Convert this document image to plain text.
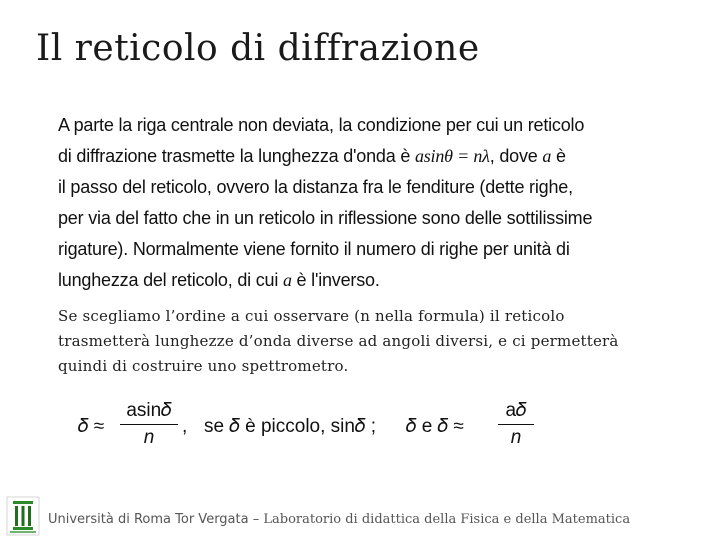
Il reticolo di diffrazione
A parte la riga centrale non deviata, la condizione per cui un reticolo
di diffrazione trasmette la lunghezza d'onda è asinθ = nλ, dove a è
il passo del reticolo, ovvero la distanza fra le fenditure (dette righe,
per via del fatto che in un reticolo in riflessione sono delle sottilissime
rigature). Normalmente viene fornito il numero di righe per unità di
lunghezza del reticolo, di cui a è l'inverso.
Se scegliamo l’ordine a cui osservare (n nella formula) il reticolo
trasmetterà lunghezze d’onda diverse ad angoli diversi, e ci permetterà
quindi di costruire uno spettrometro.
𝛿 ≈
asin𝛿
n
, se 𝛿 è piccolo, sin𝛿 ; 𝛿 e 𝛿 ≈
a𝛿
n
Università di Roma Tor Vergata – Laboratorio di didattica della Fisica e della Matematica
